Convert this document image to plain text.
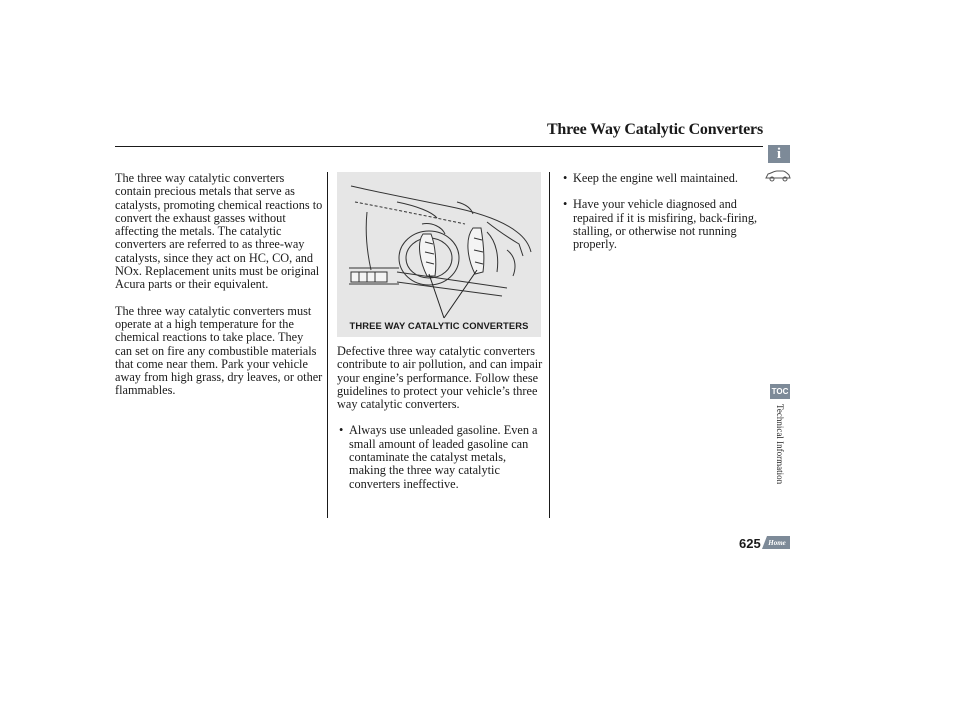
Three Way Catalytic Converters

The three way catalytic converters contain precious metals that serve as catalysts, promoting chemical reactions to convert the exhaust gasses without affecting the metals. The catalytic converters are referred to as three-way catalysts, since they act on HC, CO, and NOx. Replacement units must be original Acura parts or their equivalent.

The three way catalytic converters must operate at a high temperature for the chemical reactions to take place. They can set on fire any combustible materials that come near them. Park your vehicle away from high grass, dry leaves, or other flammables.

THREE WAY CATALYTIC CONVERTERS

Defective three way catalytic converters contribute to air pollution, and can impair your engine’s performance. Follow these guidelines to protect your vehicle’s three way catalytic converters.

• Always use unleaded gasoline. Even a small amount of leaded gasoline can contaminate the catalyst metals, making the three way catalytic converters ineffective.
• Keep the engine well maintained.
• Have your vehicle diagnosed and repaired if it is misfiring, back-firing, stalling, or otherwise not running properly.
i
TOC
Technical Information
625 Home
